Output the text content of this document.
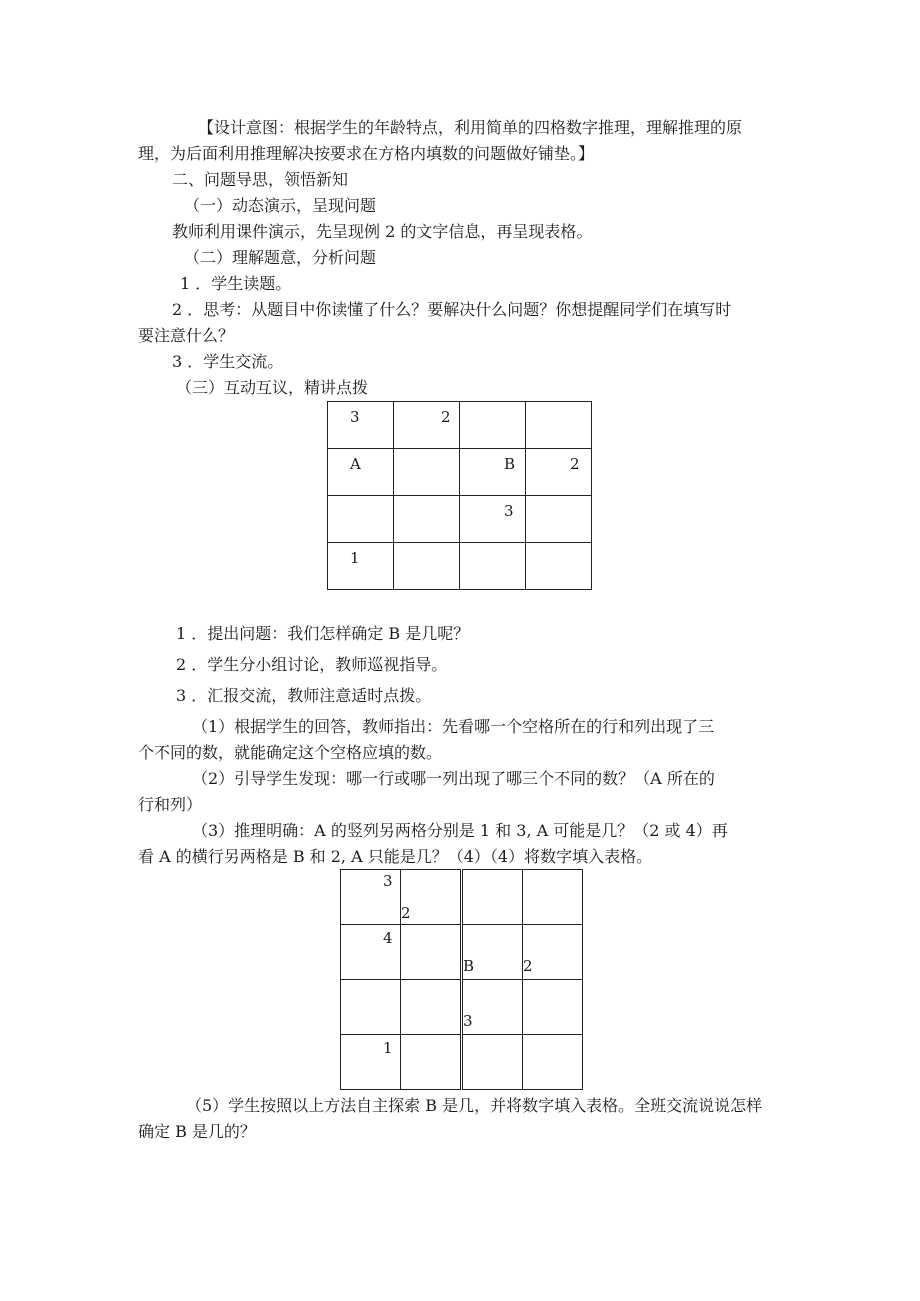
【设计意图：根据学生的年龄特点，利用简单的四格数字推理，理解推理的原
理，为后面利用推理解决按要求在方格内填数的问题做好铺垫。】
二、问题导思，领悟新知
（一）动态演示，呈现问题
教师利用课件演示，先呈现例 2 的文字信息，再呈现表格。
（二）理解题意，分析问题
1 ．学生读题。
2 ．思考：从题目中你读懂了什么？要解决什么问题？你想提醒同学们在填写时
要注意什么？
3 ．学生交流。
（三）互动互议，精讲点拨
3	2		

A		B	2

		3	

1			

1 ．提出问题：我们怎样确定 B 是几呢？
2 ．学生分小组讨论，教师巡视指导。
3 ．汇报交流，教师注意适时点拨。
（1）根据学生的回答，教师指出：先看哪一个空格所在的行和列出现了三
个不同的数，就能确定这个空格应填的数。
（2）引导学生发现：哪一行或哪一列出现了哪三个不同的数？（A 所在的
行和列）
（3）推理明确：A 的竖列另两格分别是 1 和 3, A 可能是几？（2 或 4）再
看 A 的横行另两格是 B 和 2, A 只能是几？（4）（4）将数字填入表格。
3	2		

4		B	2

		3	

1			

（5）学生按照以上方法自主探索 B 是几，并将数字填入表格。全班交流说说怎样
确定 B 是几的？
